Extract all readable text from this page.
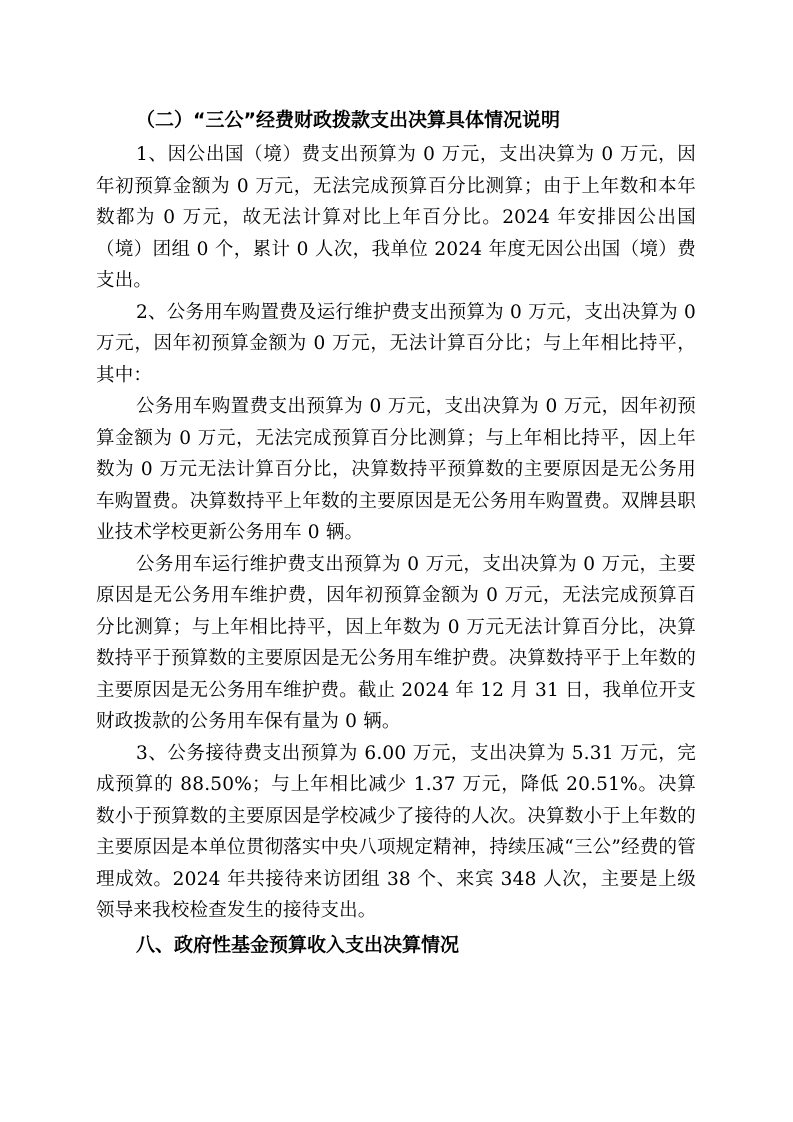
（二）“三公”经费财政拨款支出决算具体情况说明

1、因公出国（境）费支出预算为 0 万元，支出决算为 0 万元，因年初预算金额为 0 万元，无法完成预算百分比测算；由于上年数和本年数都为 0 万元，故无法计算对比上年百分比。2024 年安排因公出国（境）团组 0 个，累计 0 人次，我单位 2024 年度无因公出国（境）费支出。

2、公务用车购置费及运行维护费支出预算为 0 万元，支出决算为 0 万元，因年初预算金额为 0 万元，无法计算百分比；与上年相比持平，其中：

公务用车购置费支出预算为 0 万元，支出决算为 0 万元，因年初预算金额为 0 万元，无法完成预算百分比测算；与上年相比持平，因上年数为 0 万元无法计算百分比，决算数持平预算数的主要原因是无公务用车购置费。决算数持平上年数的主要原因是无公务用车购置费。双牌县职业技术学校更新公务用车 0 辆。

公务用车运行维护费支出预算为 0 万元，支出决算为 0 万元，主要原因是无公务用车维护费，因年初预算金额为 0 万元，无法完成预算百分比测算；与上年相比持平，因上年数为 0 万元无法计算百分比，决算数持平于预算数的主要原因是无公务用车维护费。决算数持平于上年数的主要原因是无公务用车维护费。截止 2024 年 12 月 31 日，我单位开支财政拨款的公务用车保有量为 0 辆。

3、公务接待费支出预算为 6.00 万元，支出决算为 5.31 万元，完成预算的 88.50%；与上年相比减少 1.37 万元，降低 20.51%。决算数小于预算数的主要原因是学校减少了接待的人次。决算数小于上年数的主要原因是本单位贯彻落实中央八项规定精神，持续压减“三公”经费的管理成效。2024 年共接待来访团组 38 个、来宾 348 人次，主要是上级领导来我校检查发生的接待支出。

八、政府性基金预算收入支出决算情况
